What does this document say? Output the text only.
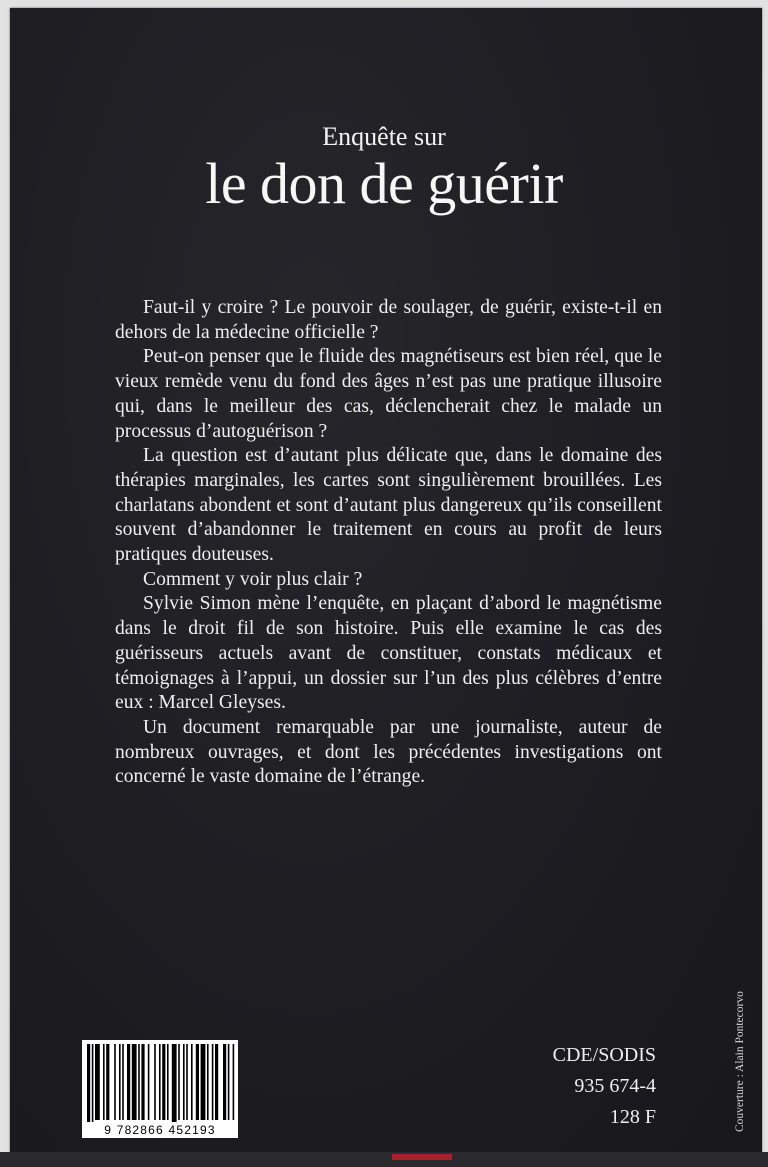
Enquête sur
le don de guérir

Faut-il y croire ? Le pouvoir de soulager, de guérir, existe-t-il en dehors de la médecine officielle ?

Peut-on penser que le fluide des magnétiseurs est bien réel, que le vieux remède venu du fond des âges n’est pas une pratique illusoire qui, dans le meilleur des cas, déclencherait chez le malade un processus d’autoguérison ?

La question est d’autant plus délicate que, dans le domaine des thérapies marginales, les cartes sont singulièrement brouillées. Les charlatans abondent et sont d’autant plus dangereux qu’ils conseillent souvent d’abandonner le traitement en cours au profit de leurs pratiques douteuses.

Comment y voir plus clair ?

Sylvie Simon mène l’enquête, en plaçant d’abord le magnétisme dans le droit fil de son histoire. Puis elle examine le cas des guérisseurs actuels avant de constituer, constats médicaux et témoignages à l’appui, un dossier sur l’un des plus célèbres d’entre eux : Marcel Gleyses.

Un document remarquable par une journaliste, auteur de nombreux ouvrages, et dont les précédentes investigations ont concerné le vaste domaine de l’étrange.

9 782866 452193
CDE/SODIS
935 674-4
128 F	Couverture : Alain Pontecorvo
